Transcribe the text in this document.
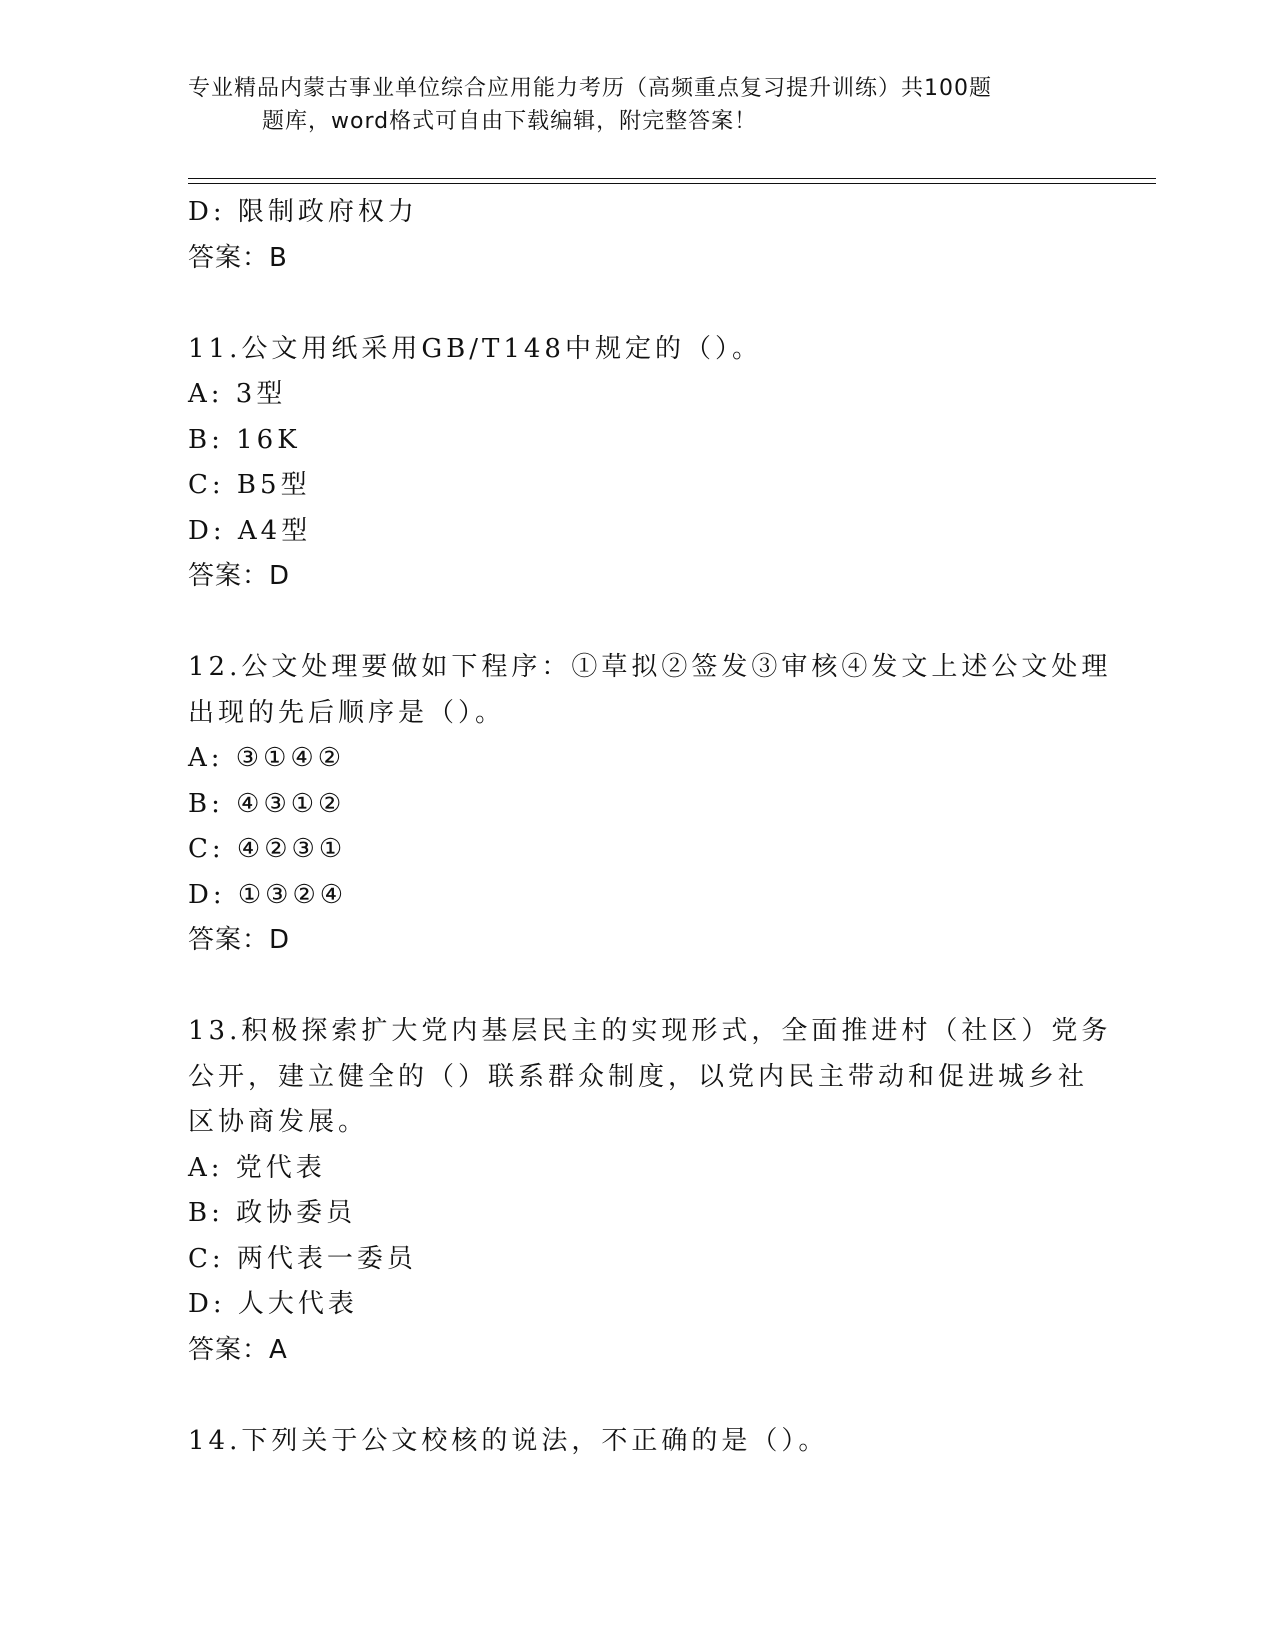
专业精品内蒙古事业单位综合应用能力考历（高频重点复习提升训练）共100题
题库，word格式可自由下载编辑，附完整答案！
D: 限制政府权力
答案：B
11.公文用纸采用GB/T148中规定的（）。
A: 3型
B: 16K
C: B5型
D: A4型
答案：D
12.公文处理要做如下程序：①草拟②签发③审核④发文上述公文处理
出现的先后顺序是（）。
A: ③①④②
B: ④③①②
C: ④②③①
D: ①③②④
答案：D
13.积极探索扩大党内基层民主的实现形式，全面推进村（社区）党务
公开，建立健全的（）联系群众制度，以党内民主带动和促进城乡社
区协商发展。
A: 党代表
B: 政协委员
C: 两代表一委员
D: 人大代表
答案：A
14.下列关于公文校核的说法，不正确的是（）。
